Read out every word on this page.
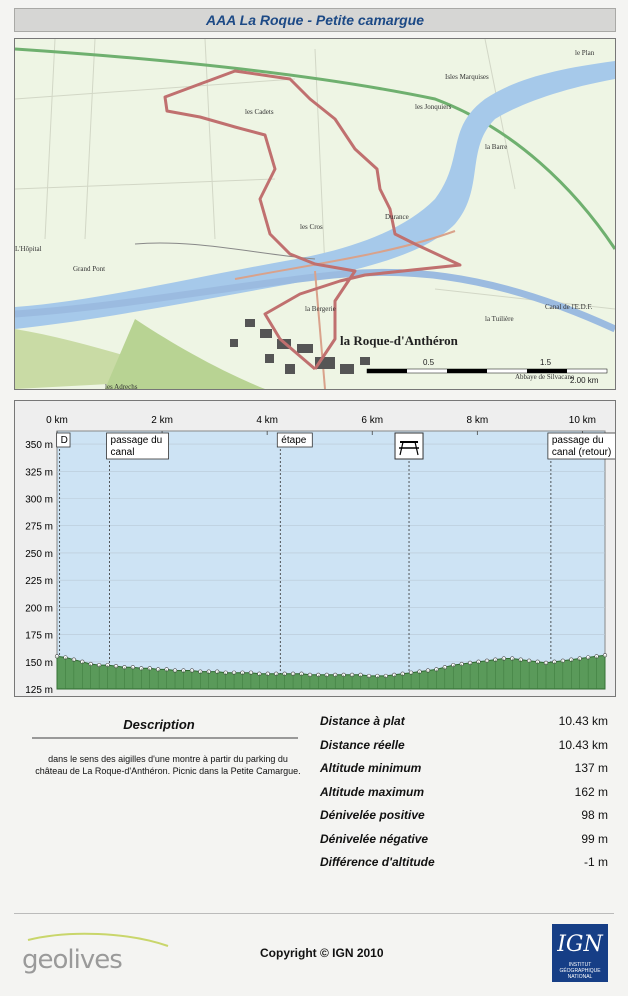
AAA La Roque - Petite camargue
Isles Marquises
le Plan
la Barre
les Cadets
les Jonquiers
les Cros
Grand Pont
L'Hôpital
la Bergerie
la Tuilière
Abbaye de Silvacane
les Adrechs
Canal de l'E.D.F.
Durance
la Roque-d'Anthéron
0.5	1.5
2.00 km
350 m
325 m
300 m
275 m
250 m
225 m
200 m
175 m
150 m
125 m
0 km	2 km	4 km	6 km	8 km	10 km
D	passage du
canal
étape	passage du
canal (retour)
Description
dans le sens des aigilles d'une montre à partir du parking du château de La Roque-d'Anthéron. Picnic dans la Petite Camargue.
Distance à plat	10.43 km
Distance réelle	10.43 km
Altitude minimum	137 m
Altitude maximum	162 m
Dénivelée positive	98 m
Dénivelée négative	99 m
Différence d'altitude	-1 m
geolives	Copyright © IGN 2010	IGN
INSTITUT GÉOGRAPHIQUE NATIONAL
